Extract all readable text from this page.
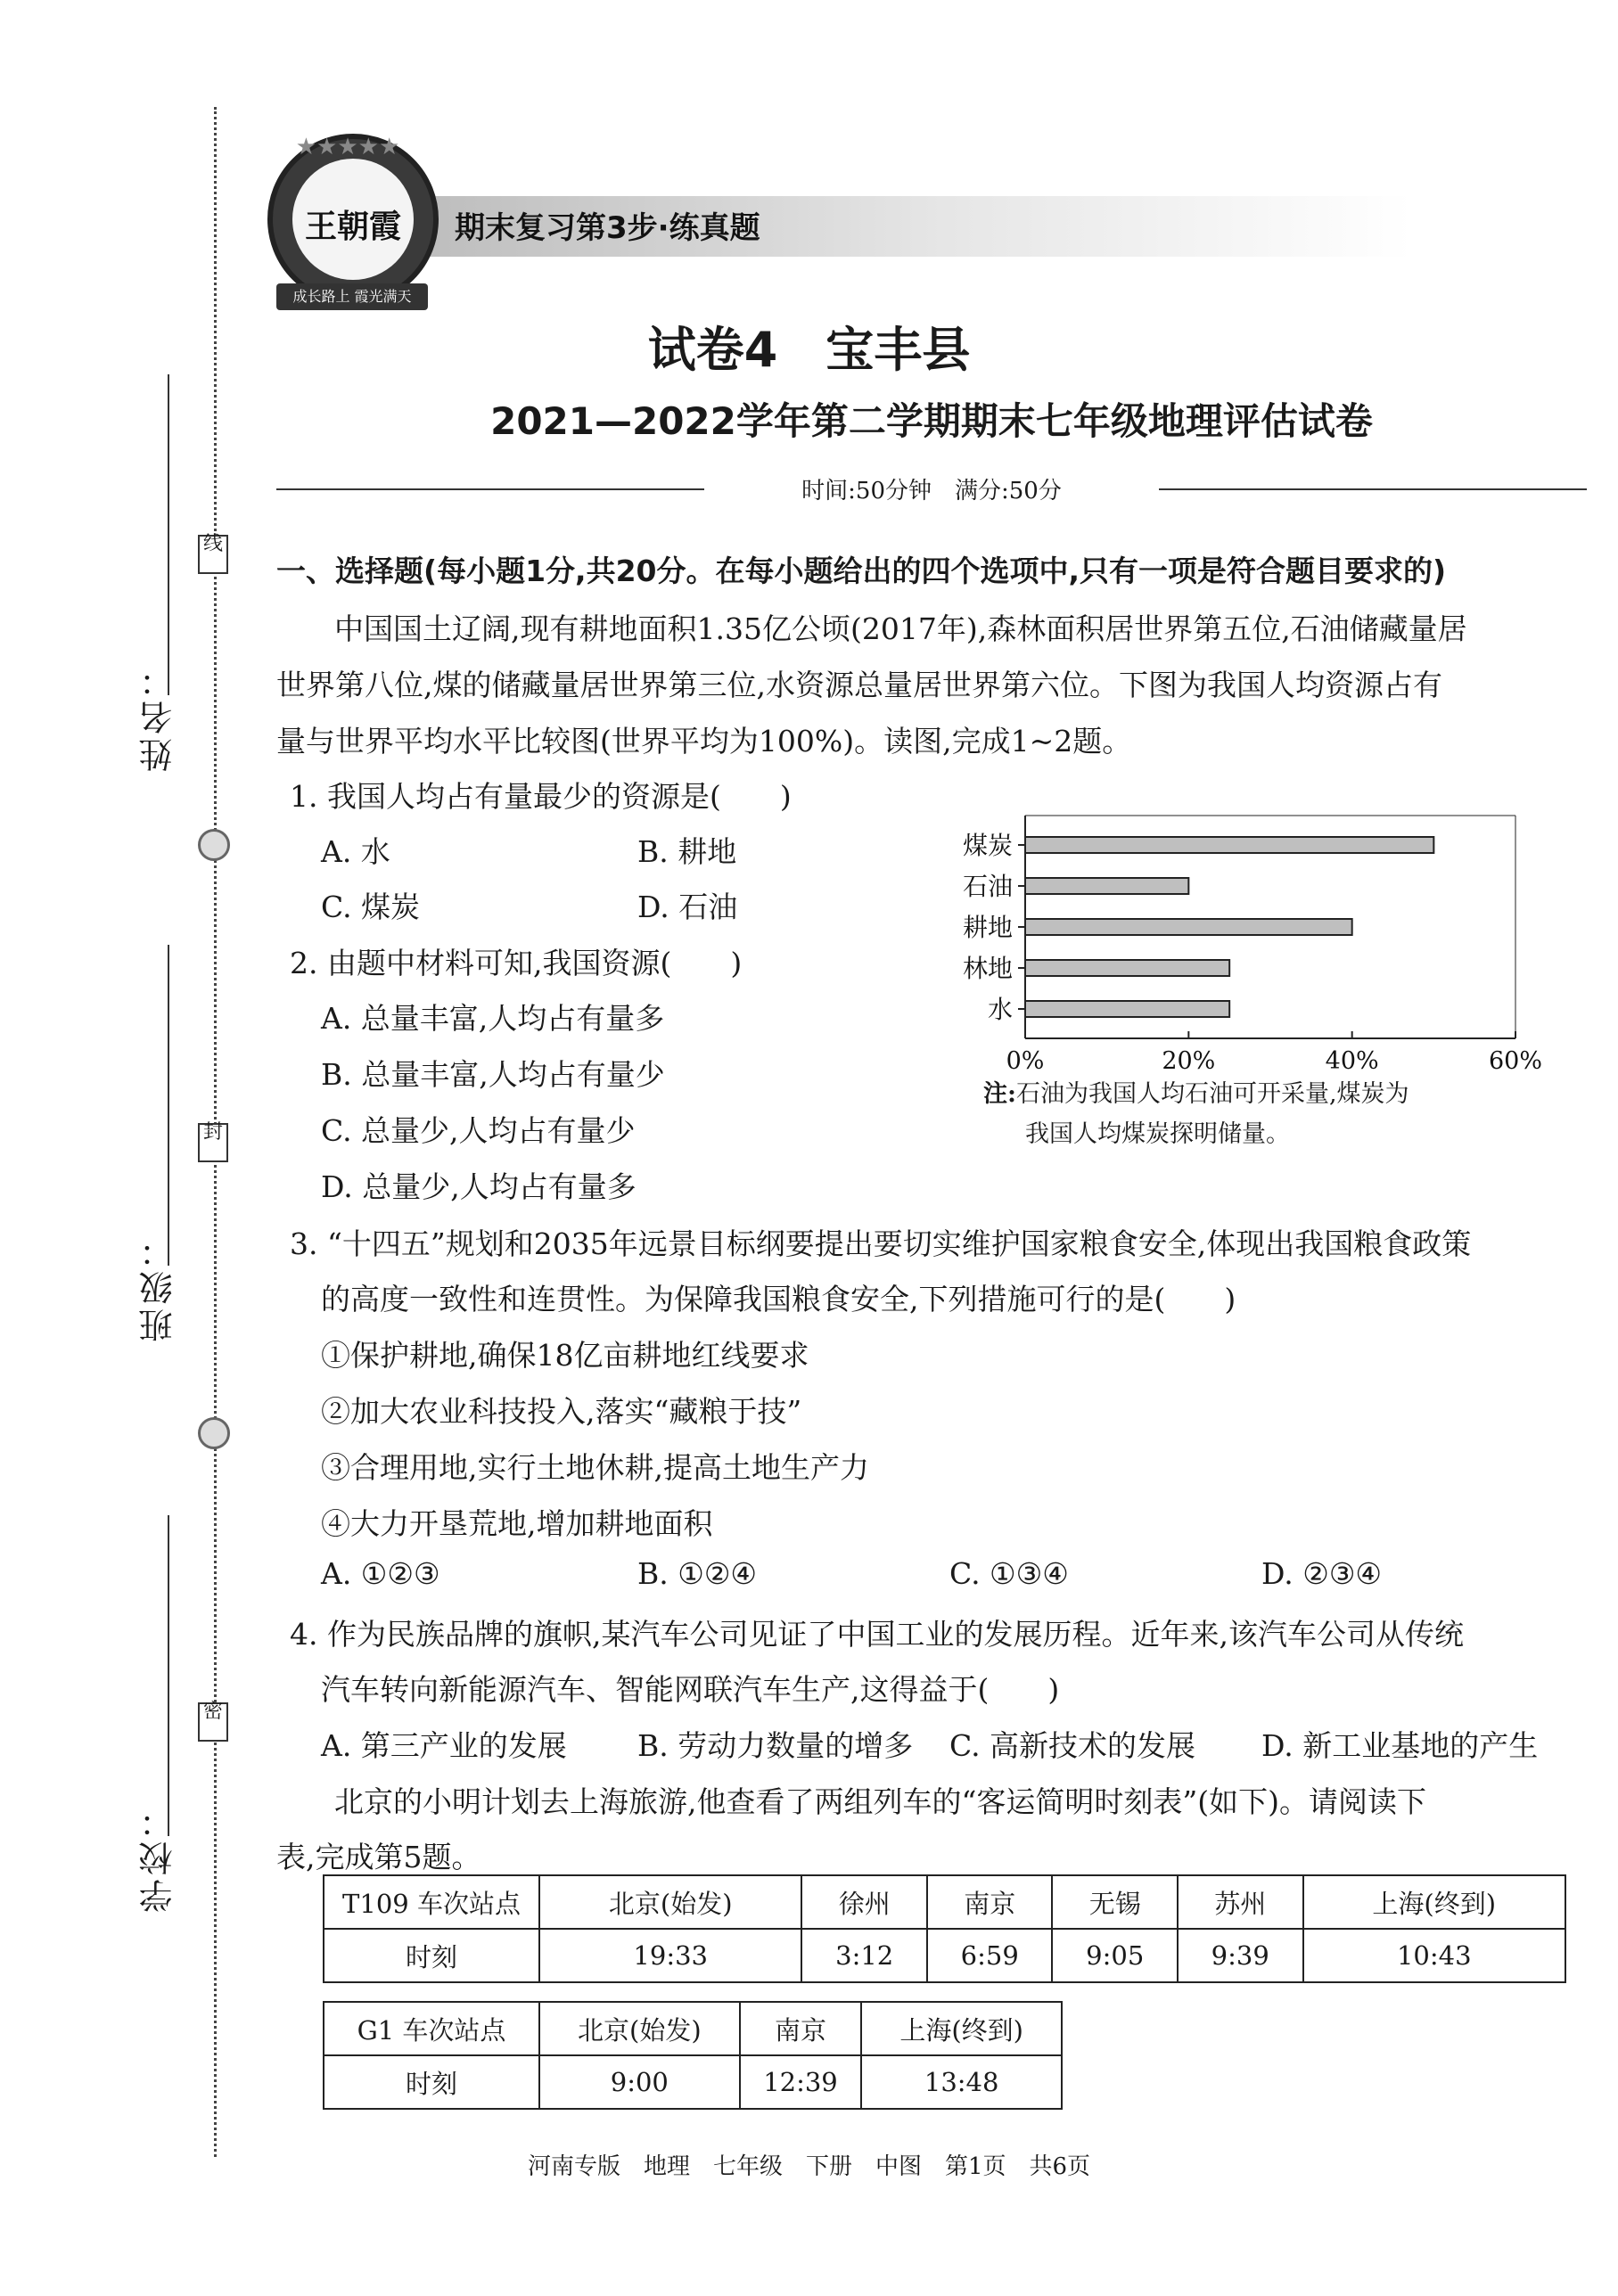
姓名：
班级：
学校：
线
封
密
期末复习第3步·练真题
王朝霞
★★★★★
成长路上 霞光满天
试卷4　宝丰县
2021—2022学年第二学期期末七年级地理评估试卷
时间:50分钟　满分:50分
一、选择题(每小题1分,共20分。在每小题给出的四个选项中,只有一项是符合题目要求的)
中国国土辽阔,现有耕地面积1.35亿公顷(2017年),森林面积居世界第五位,石油储藏量居
世界第八位,煤的储藏量居世界第三位,水资源总量居世界第六位。下图为我国人均资源占有
量与世界平均水平比较图(世界平均为100%)。读图,完成1~2题。
1. 我国人均占有量最少的资源是(　　)
A. 水	B. 耕地
C. 煤炭	D. 石油
2. 由题中材料可知,我国资源(　　)
A. 总量丰富,人均占有量多
B. 总量丰富,人均占有量少
C. 总量少,人均占有量少
D. 总量少,人均占有量多
0%	20%	40%	60%
煤炭
石油
耕地
林地
水
注:石油为我国人均石油可开采量,煤炭为
我国人均煤炭探明储量。
3. “十四五”规划和2035年远景目标纲要提出要切实维护国家粮食安全,体现出我国粮食政策
的高度一致性和连贯性。为保障我国粮食安全,下列措施可行的是(　　)
①保护耕地,确保18亿亩耕地红线要求
②加大农业科技投入,落实“藏粮于技”
③合理用地,实行土地休耕,提高土地生产力
④大力开垦荒地,增加耕地面积
A. ①②③	B. ①②④	C. ①③④	D. ②③④
4. 作为民族品牌的旗帜,某汽车公司见证了中国工业的发展历程。近年来,该汽车公司从传统
汽车转向新能源汽车、智能网联汽车生产,这得益于(　　)
A. 第三产业的发展 B. 劳动力数量的增多 C. 高新技术的发展 D. 新工业基地的产生
北京的小明计划去上海旅游,他查看了两组列车的“客运简明时刻表”(如下)。请阅读下
表,完成第5题。
T109 车次站点	北京(始发)	徐州	南京	无锡	苏州	上海(终到)
时刻	19:33	3:12	6:59	9:05	9:39	10:43
G1 车次站点	北京(始发)	南京	上海(终到)
时刻	9:00	12:39	13:48
河南专版　地理　七年级　下册　中图　第1页　共6页
